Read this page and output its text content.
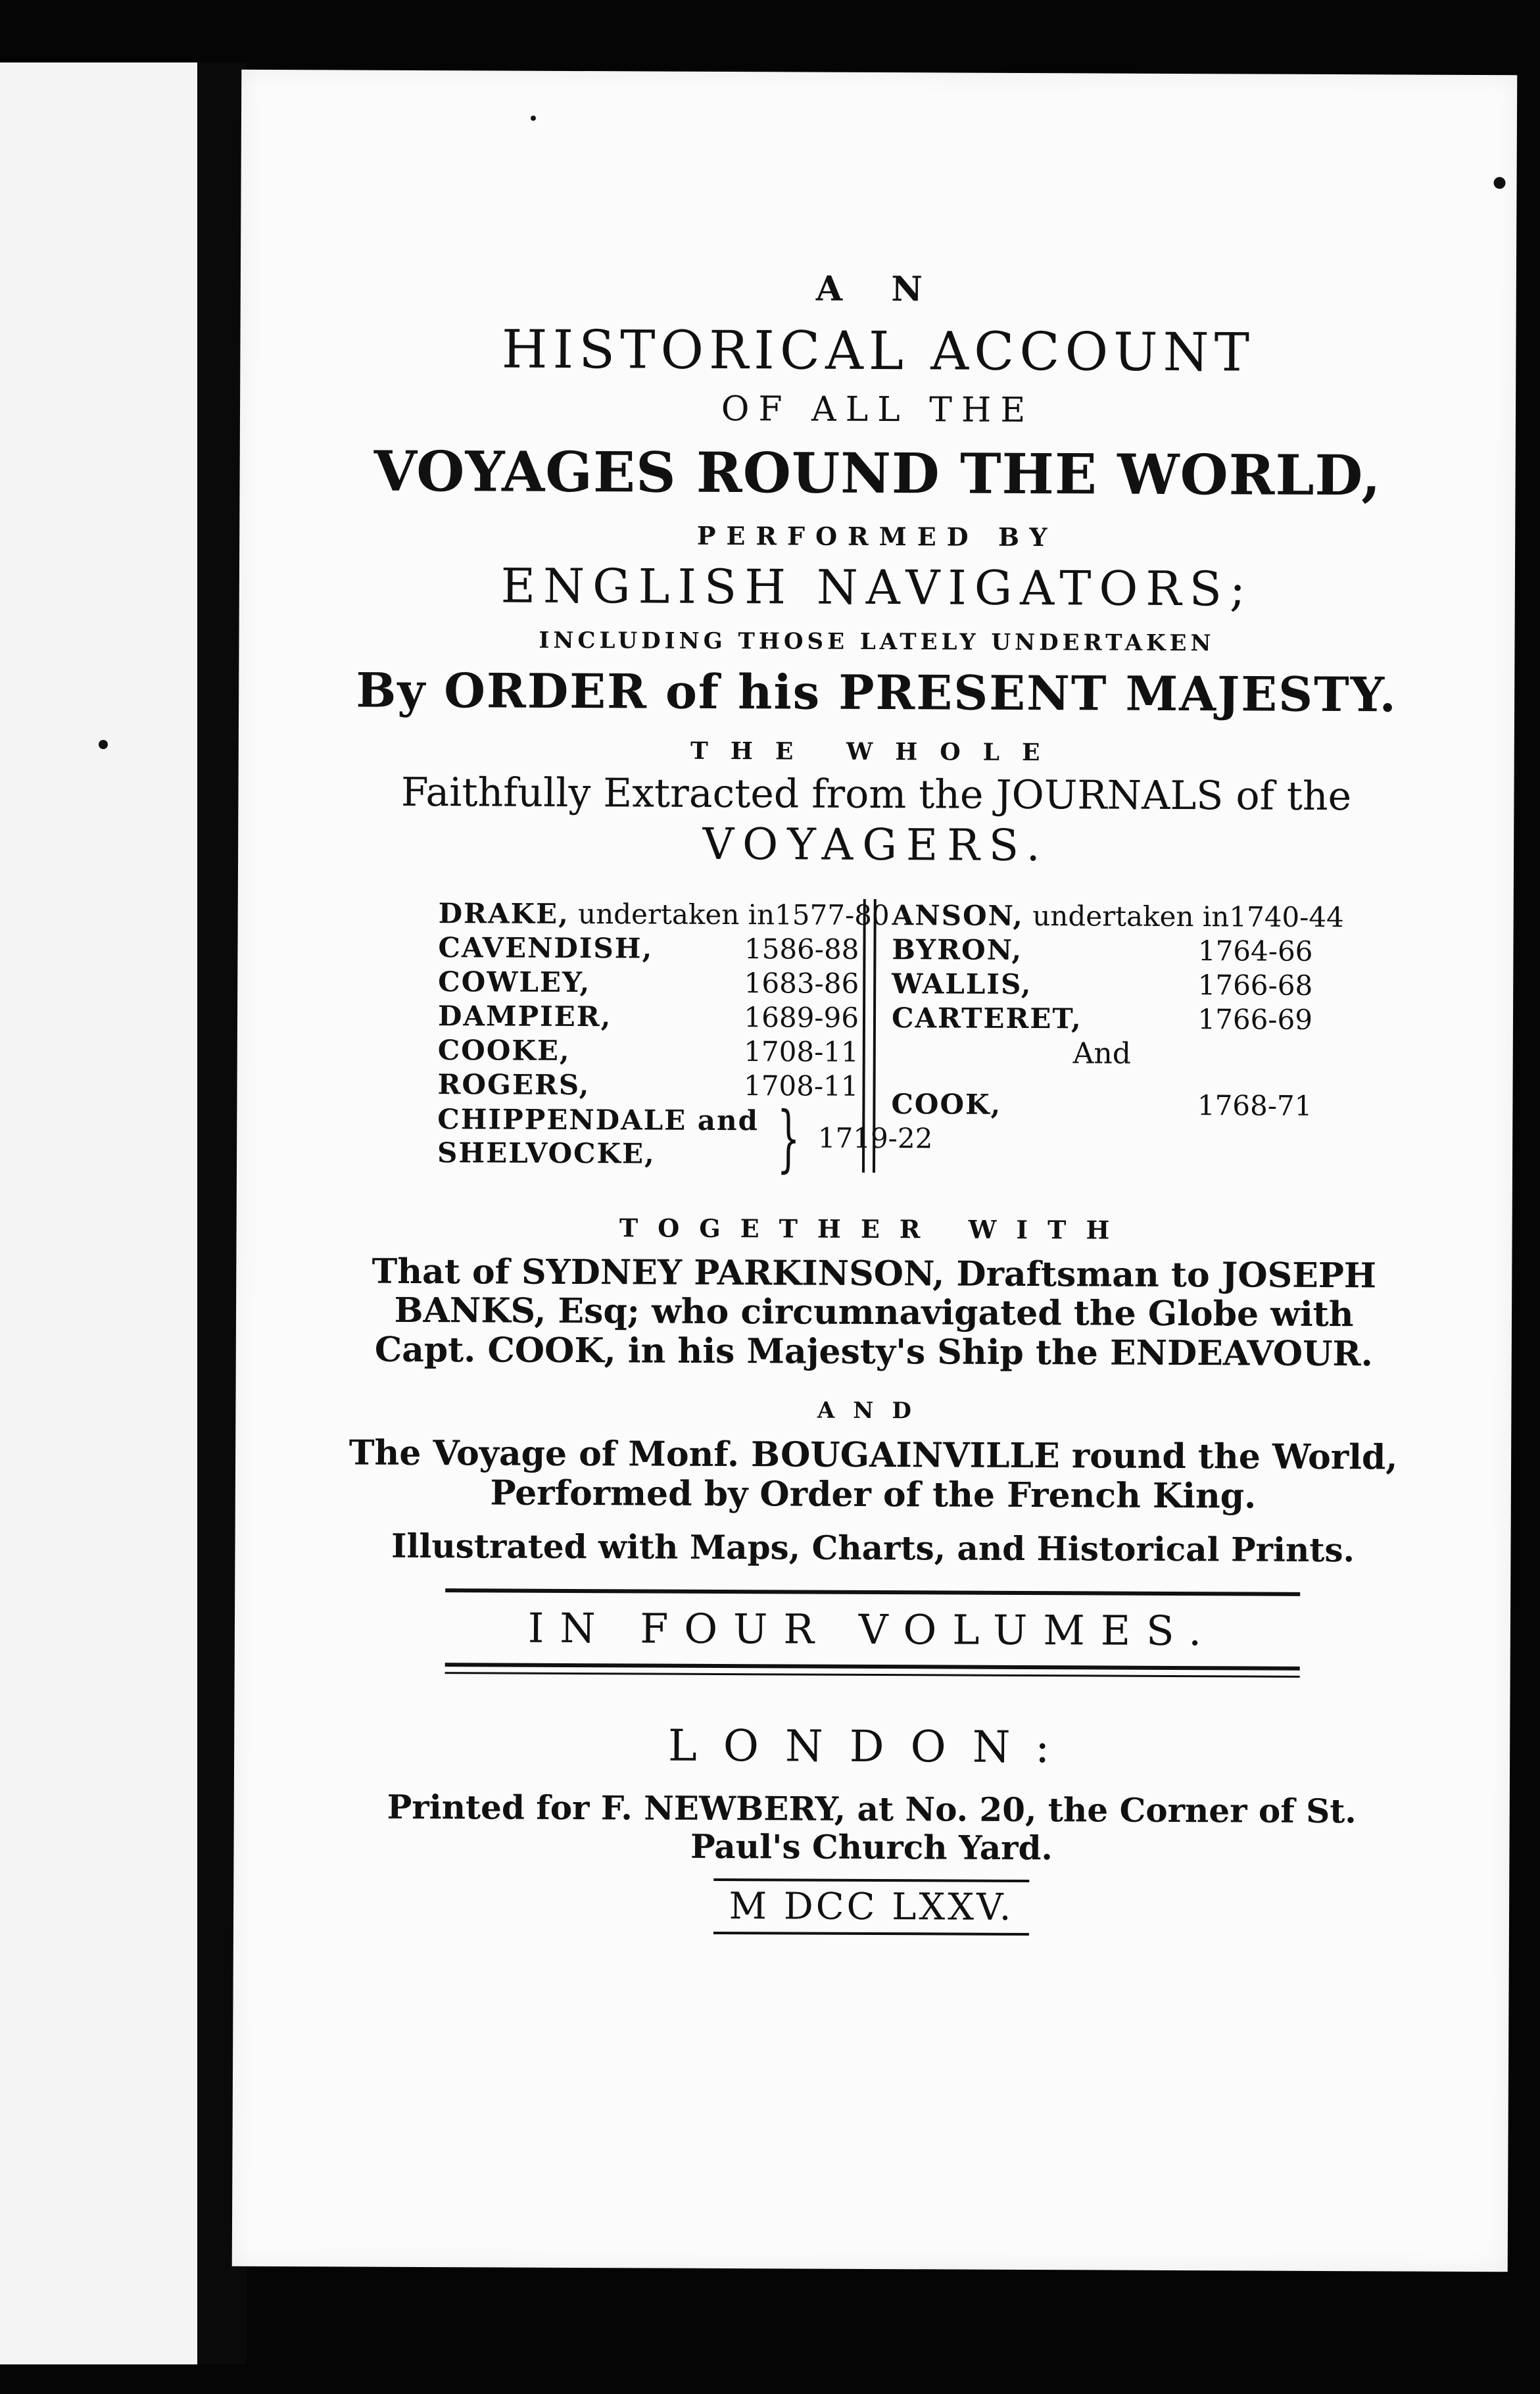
A N
HISTORICAL ACCOUNT
OF ALL THE
VOYAGES ROUND THE WORLD,
PERFORMED BY
ENGLISH NAVIGATORS;
INCLUDING THOSE LATELY UNDERTAKEN
By ORDER of his PRESENT MAJESTY.
THE WHOLE
Faithfully Extracted from the JOURNALS of the
VOYAGERS.
DRAKE, undertaken in 1577-80
CAVENDISH,	1586-88
COWLEY,	1683-86
DAMPIER,	1689-96
COOKE,	1708-11
ROGERS,	1708-11
CHIPPENDALE and
SHELVOCKE,	} 1719-22
ANSON, undertaken in 1740-44
BYRON,	1764-66
WALLIS,	1766-68
CARTERET,	1766-69
And
COOK,	1768-71
TOGETHER WITH
That of SYDNEY PARKINSON, Draftsman to JOSEPH
BANKS, Esq; who circumnavigated the Globe with
Capt. COOK, in his Majesty's Ship the ENDEAVOUR.
AND
The Voyage of Monf. BOUGAINVILLE round the World,
Performed by Order of the French King.
Illustrated with Maps, Charts, and Historical Prints.
IN FOUR VOLUMES.
LONDON:
Printed for F. NEWBERY, at No. 20, the Corner of St.
Paul's Church Yard.
M DCC LXXV.
